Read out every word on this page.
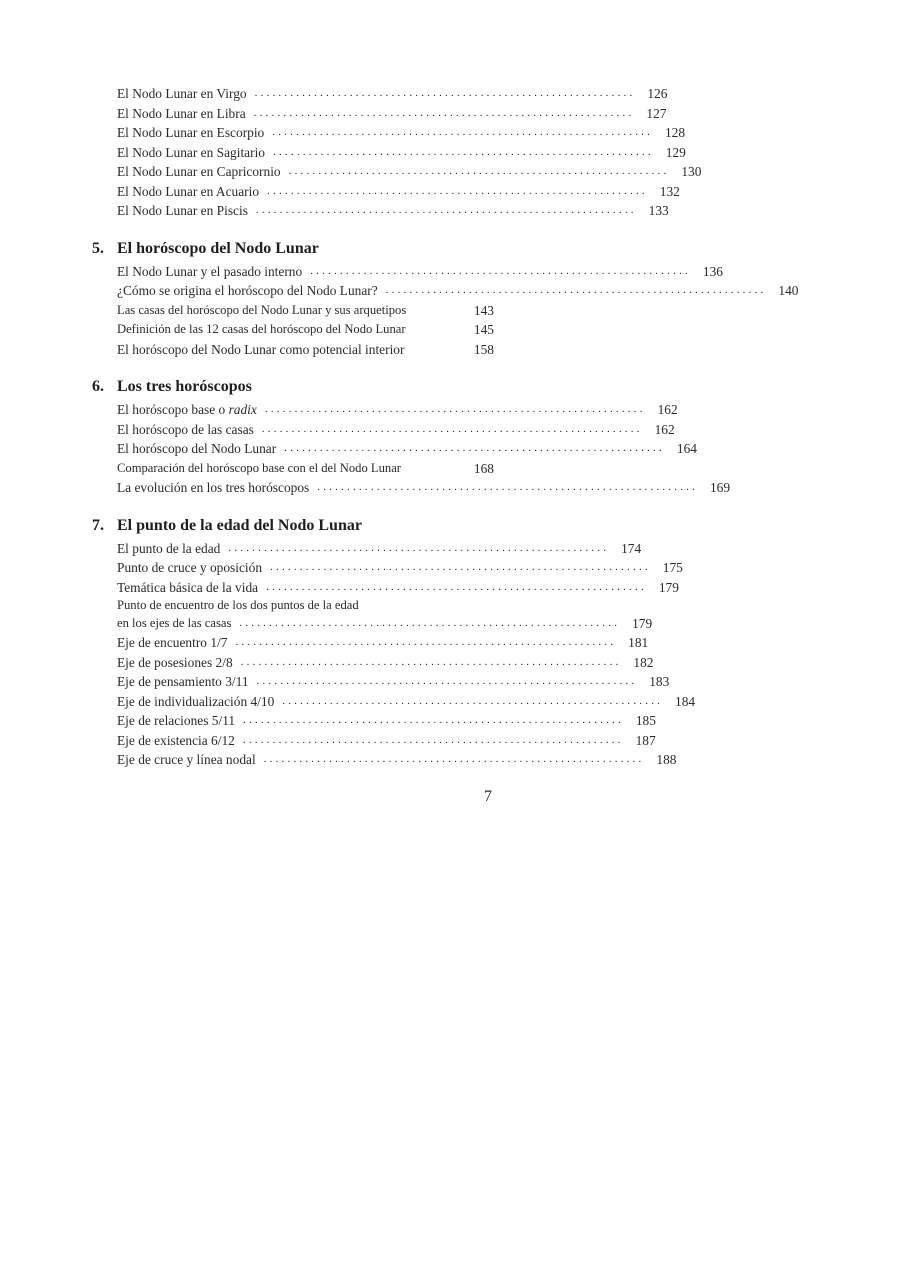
El Nodo Lunar en Virgo ................................................................ 126
El Nodo Lunar en Libra ................................................................ 127
El Nodo Lunar en Escorpio ................................................................ 128
El Nodo Lunar en Sagitario ................................................................ 129
El Nodo Lunar en Capricornio ................................................................ 130
El Nodo Lunar en Acuario ................................................................ 132
El Nodo Lunar en Piscis ................................................................ 133
5. El horóscopo del Nodo Lunar
El Nodo Lunar y el pasado interno ................................................................ 136
¿Cómo se origina el horóscopo del Nodo Lunar? ................................................................ 140
Las casas del horóscopo del Nodo Lunar y sus arquetipos	143
Definición de las 12 casas del horóscopo del Nodo Lunar	145
El horóscopo del Nodo Lunar como potencial interior	158
6. Los tres horóscopos
El horóscopo base o radix ................................................................ 162
El horóscopo de las casas ................................................................ 162
El horóscopo del Nodo Lunar ................................................................ 164
Comparación del horóscopo base con el del Nodo Lunar	168
La evolución en los tres horóscopos ................................................................ 169
7. El punto de la edad del Nodo Lunar
El punto de la edad ................................................................ 174
Punto de cruce y oposición ................................................................ 175
Temática básica de la vida ................................................................ 179
Punto de encuentro de los dos puntos de la edad
en los ejes de las casas ................................................................ 179
Eje de encuentro 1/7 ................................................................ 181
Eje de posesiones 2/8 ................................................................ 182
Eje de pensamiento 3/11 ................................................................ 183
Eje de individualización 4/10 ................................................................ 184
Eje de relaciones 5/11 ................................................................ 185
Eje de existencia 6/12 ................................................................ 187
Eje de cruce y línea nodal ................................................................ 188
7
